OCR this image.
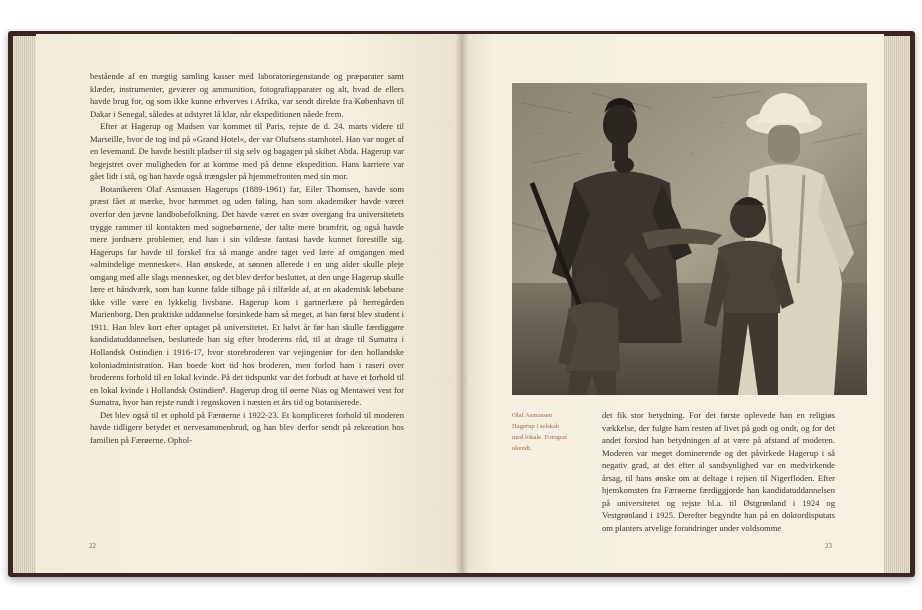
bestående af en mægtig samling kasser med laboratoriegenstande og præparater samt klæder, instrumenter, geværer og ammunition, fotografiapparater og alt, hvad de ellers havde brug for, og som ikke kunne erhverves i Afrika, var sendt direkte fra København til Dakar i Senegal, således at udstyret lå klar, når ekspeditionen nåede frem.

Efter at Hagerup og Madsen var kommet til Paris, rejste de d. 24. marts videre til Marseille, hvor de tog ind på »Grand Hotel«, der var Olufsens stamhotel. Han var noget af en levemand. De havde bestilt pladser til sig selv og bagagen på skibet Abda. Hagerup var begejstret over muligheden for at komme med på denne ekspedition. Hans karriere var gået lidt i stå, og han havde også trængsler på hjemmefronten med sin mor.

Botanikeren Olaf Asmussen Hagerups (1889-1961) far, Eiler Thomsen, havde som præst fået at mærke, hvor hæmmet og uden føling, han som akademiker havde været overfor den jævne landbobefolkning. Det havde været en svær overgang fra universitetets trygge rammer til kontakten med sognebørnene, der talte mere bramfrit, og også havde mere jordnære problemer, end han i sin vildeste fantasi havde kunnet forestille sig. Hagerups far havde til forskel fra så mange andre taget ved lære af omgangen med »almindelige mennesker«. Han ønskede, at sønnen allerede i en ung alder skulle pleje omgang med alle slags mennesker, og det blev derfor besluttet, at den unge Hagerup skulle lære et håndværk, som han kunne falde tilbage på i tilfælde af, at en akademisk løbebane ikke ville være en lykkelig livsbane. Hagerup kom i gartnerlære på herregården Marienborg. Den praktiske uddannelse forsinkede ham så meget, at han først blev student i 1911. Han blev kort efter optaget på universitetet. Et halvt år før han skulle færdiggøre kandidatuddannelsen, besluttede han sig efter broderens råd, til at drage til Sumatra i Hollandsk Ostindien i 1916-17, hvor storebroderen var vejingeniør for den hollandske koloniadministration. Han boede kort tid hos broderen, men forlod ham i raseri over broderens forhold til en lokal kvinde. På det tidspunkt var det forbudt at have et forhold til en lokal kvinde i Hollandsk Ostindien⁸. Hagerup drog til øerne Nias og Mentawei vest for Sumatra, hvor han rejste rundt i regnskoven i næsten et års tid og botaniserede.

Det blev også til et ophold på Færøerne i 1922-23. Et kompliceret forhold til moderen havde tidligere betydet et nervesammenbrud, og han blev derfor sendt på rekreation hos familien på Færøerne. Ophol-

22
Olaf Asmussen Hagerup i selskab med lokale. Fotograf ukendt.

det fik stor betydning. For det første oplevede han en religiøs vækkelse, der fulgte ham resten af livet på godt og ondt, og for det andet forstod han betydningen af at være på afstand af moderen. Moderen var meget dominerende og det påvirkede Hagerup i så negativ grad, at det efter al sandsynlighed var en medvirkende årsag, til hans ønske om at deltage i rejsen til Nigerfloden. Efter hjemkomsten fra Færøerne færdiggjorde han kandidatuddannelsen på universitetet og rejste bl.a. til Østgrønland i 1924 og Vestgrønland i 1925. Derefter begyndte han på en doktordisputats om planters arvelige forandringer under voldsomme

23
